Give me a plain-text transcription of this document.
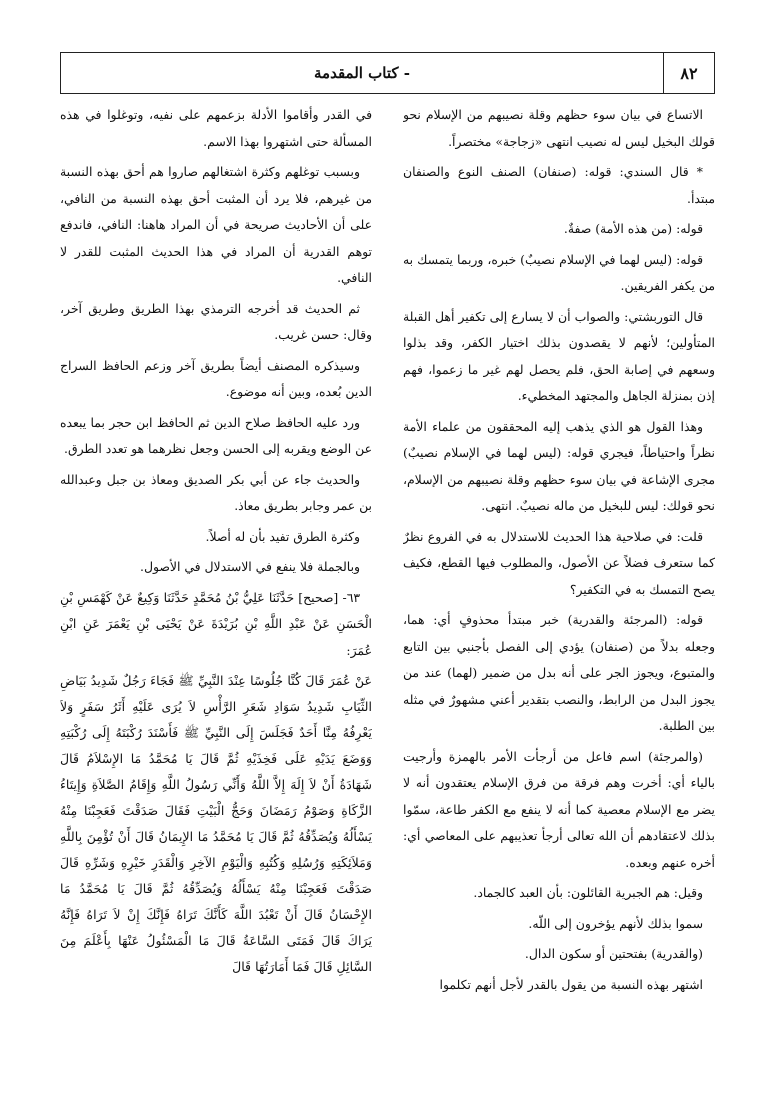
٨٢
- كتاب المقدمة

الاتساع في بيان سوء حظهم وقلة نصيبهم من الإسلام نحو قولك البخيل ليس له نصيب انتهى «زجاجة» مختصراً.

* قال السندي: قوله: (صنفان) الصنف النوع والصنفان مبتدأ.

قوله: (من هذه الأمة) صفةٌ.

قوله: (ليس لهما في الإسلام نصيبٌ) خبره، وربما يتمسك به من يكفر الفريقين.

قال التوربشتي: والصواب أن لا يسارع إلى تكفير أهل القبلة المتأولين؛ لأنهم لا يقصدون بذلك اختيار الكفر، وقد بذلوا وسعهم في إصابة الحق، فلم يحصل لهم غير ما زعموا، فهم إذن بمنزلة الجاهل والمجتهد المخطيء.

وهذا القول هو الذي يذهب إليه المحققون من علماء الأمة نظراً واحتياطاً، فيجري قوله: (ليس لهما في الإسلام نصيبٌ) مجرى الإشاعة في بيان سوء حظهم وقلة نصيبهم من الإسلام، نحو قولك: ليس للبخيل من ماله نصيبٌ. انتهى.

قلت: في صلاحية هذا الحديث للاستدلال به في الفروع نظرٌ كما ستعرف فضلاً عن الأصول، والمطلوب فيها القطع، فكيف يصح التمسك به في التكفير؟

قوله: (المرجئة والقدرية) خبر مبتدأ محذوفٍ أي: هما، وجعله بدلاً من (صنفان) يؤدي إلى الفصل بأجنبي بين التابع والمتبوع، ويجوز الجر على أنه بدل من ضمير (لهما) عند من يجوز البدل من الرابط، والنصب بتقدير أعني مشهورٌ في مثله بين الطلبة.

(والمرجئة) اسم فاعل من أرجأت الأمر بالهمزة وأرجيت بالياء أي: أخرت وهم فرقة من فرق الإسلام يعتقدون أنه لا يضر مع الإسلام معصية كما أنه لا ينفع مع الكفر طاعة، سمّوا بذلك لاعتقادهم أن الله تعالى أرجأ تعذيبهم على المعاصي أي: أخره عنهم وبعده.

وقيل: هم الجبرية القائلون: بأن العبد كالجماد.

سموا بذلك لأنهم يؤخرون إلى اللّه.

(والقدرية) بفتحتين أو سكون الدال.

اشتهر بهذه النسبة من يقول بالقدر لأجل أنهم تكلموا

في القدر وأقاموا الأدلة بزعمهم على نفيه، وتوغلوا في هذه المسألة حتى اشتهروا بهذا الاسم.

وبسبب توغلهم وكثرة اشتغالهم صاروا هم أحق بهذه النسبة من غيرهم، فلا يرد أن المثبت أحق بهذه النسبة من النافي، على أن الأحاديث صريحة في أن المراد هاهنا: النافي، فاندفع توهم القدرية أن المراد في هذا الحديث المثبت للقدر لا النافي.

ثم الحديث قد أخرجه الترمذي بهذا الطريق وطريق آخر، وقال: حسن غريب.

وسيذكره المصنف أيضاً بطريق آخر وزعم الحافظ السراج الدين بُعده، وبين أنه موضوع.

ورد عليه الحافظ صلاح الدين ثم الحافظ ابن حجر بما يبعده عن الوضع ويقربه إلى الحسن وجعل نظرهما هو تعدد الطرق.

والحديث جاء عن أبي بكر الصديق ومعاذ بن جبل وعبدالله بن عمر وجابر بطريق معاذ.

وكثرة الطرق تفيد بأن له أصلاً.

وبالجملة فلا ينفع في الاستدلال في الأصول.

٦٣- [صحيح] حَدَّثَنَا عَلِيُّ بْنُ مُحَمَّدٍ حَدَّثَنَا وَكِيعٌ عَنْ كَهْمَسِ بْنِ الْحَسَنِ عَنْ عَبْدِ اللَّهِ بْنِ بُرَيْدَةَ عَنْ يَحْيَى بْنِ يَعْمَرَ عَنِ ابْنِ عُمَرَ:

عَنْ عُمَرَ قَالَ كُنَّا جُلُوسًا عِنْدَ النَّبِيِّ ﷺ فَجَاءَ رَجُلٌ شَدِيدُ بَيَاضِ الثِّيَابِ شَدِيدُ سَوَادِ شَعَرِ الرَّأْسِ لاَ يُرَى عَلَيْهِ أَثَرُ سَفَرٍ وَلاَ يَعْرِفُهُ مِنَّا أَحَدٌ فَجَلَسَ إِلَى النَّبِيِّ ﷺ فَأَسْنَدَ رُكْبَتَهُ إِلَى رُكْبَتِهِ وَوَضَعَ يَدَيْهِ عَلَى فَخِذَيْهِ ثُمَّ قَالَ يَا مُحَمَّدُ مَا الإِسْلاَمُ قَالَ شَهَادَةُ أَنْ لاَ إِلَهَ إِلاَّ اللَّهُ وَأَنِّي رَسُولُ اللَّهِ وَإِقَامُ الصَّلاَةِ وَإِيتَاءُ الزَّكَاةِ وَصَوْمُ رَمَضَانَ وَحَجُّ الْبَيْتِ فَقَالَ صَدَقْتَ فَعَجِبْنَا مِنْهُ يَسْأَلُهُ وَيُصَدِّقُهُ ثُمَّ قَالَ يَا مُحَمَّدُ مَا الإِيمَانُ قَالَ أَنْ تُؤْمِنَ بِاللَّهِ وَمَلاَئِكَتِهِ وَرُسُلِهِ وَكُتُبِهِ وَالْيَوْمِ الآخِرِ وَالْقَدَرِ خَيْرِهِ وَشَرِّهِ قَالَ صَدَقْتَ فَعَجِبْنَا مِنْهُ يَسْأَلُهُ وَيُصَدِّقُهُ ثُمَّ قَالَ يَا مُحَمَّدُ مَا الإِحْسَانُ قَالَ أَنْ تَعْبُدَ اللَّهَ كَأَنَّكَ تَرَاهُ فَإِنَّكَ إِنْ لاَ تَرَاهُ فَإِنَّهُ يَرَاكَ قَالَ فَمَتَى السَّاعَةُ قَالَ مَا الْمَسْئُولُ عَنْهَا بِأَعْلَمَ مِنَ السَّائِلِ قَالَ فَمَا أَمَارَتُهَا قَالَ
